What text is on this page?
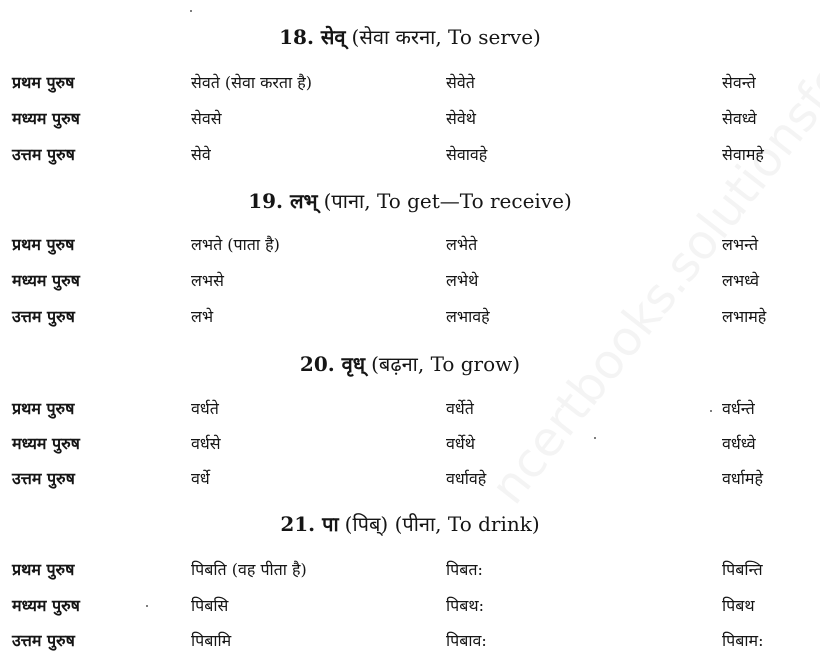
18. सेव् (सेवा करना, To serve)
प्रथम पुरुष	सेवते (सेवा करता है)	सेवेते	सेवन्ते
मध्यम पुरुष	सेवसे	सेवेथे	सेवध्वे
उत्तम पुरुष	सेवे	सेवावहे	सेवामहे
19. लभ् (पाना, To get—To receive)
प्रथम पुरुष	लभते (पाता है)	लभेते	लभन्ते
मध्यम पुरुष	लभसे	लभेथे	लभध्वे
उत्तम पुरुष	लभे	लभावहे	लभामहे
20. वृध् (बढ़ना, To grow)
प्रथम पुरुष	वर्धते	वर्धेते	वर्धन्ते
मध्यम पुरुष	वर्धसे	वर्धेथे	वर्धध्वे
उत्तम पुरुष	वर्धे	वर्धावहे	वर्धामहे
21. पा (पिब्) (पीना, To drink)
प्रथम पुरुष	पिबति (वह पीता है)	पिबत:	पिबन्ति
मध्यम पुरुष	पिबसि	पिबथ:	पिबथ
उत्तम पुरुष	पिबामि	पिबाव:	पिबाम:
